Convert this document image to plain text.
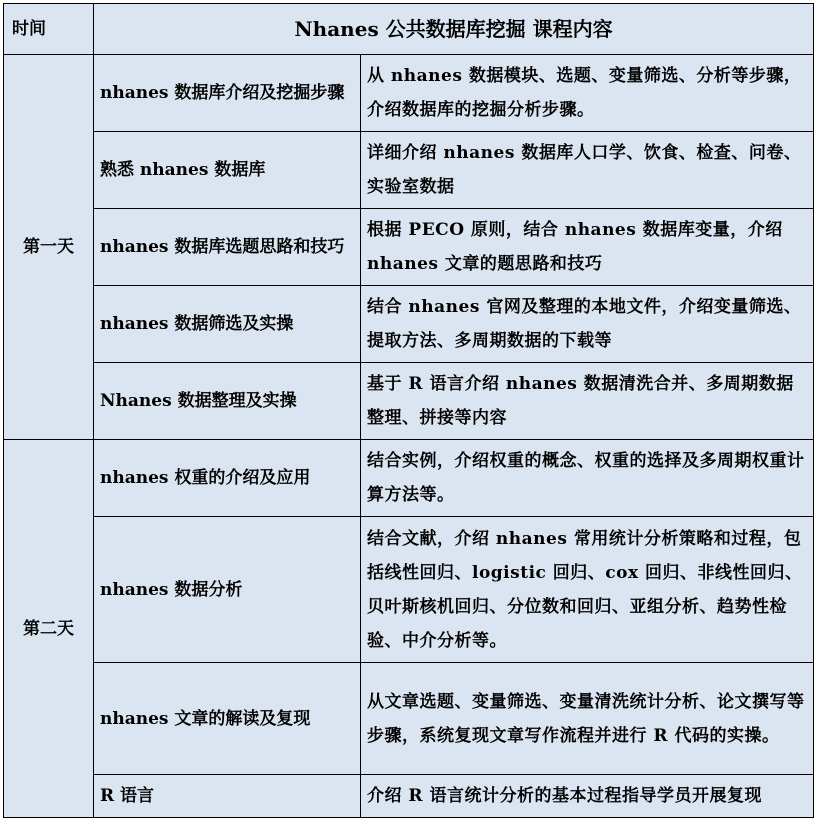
时间	Nhanes 公共数据库挖掘 课程内容	
第一天	nhanes 数据库介绍及挖掘步骤	从 nhanes 数据模块、选题、变量筛选、分析等步骤，介绍数据库的挖掘分析步骤。
	熟悉 nhanes 数据库	详细介绍 nhanes 数据库人口学、饮食、检查、问卷、实验室数据
	nhanes 数据库选题思路和技巧	根据 PECO 原则，结合 nhanes 数据库变量，介绍 nhanes 文章的题思路和技巧
	nhanes 数据筛选及实操	结合 nhanes 官网及整理的本地文件，介绍变量筛选、提取方法、多周期数据的下载等
	Nhanes 数据整理及实操	基于 R 语言介绍 nhanes 数据清洗合并、多周期数据整理、拼接等内容
第二天	nhanes 权重的介绍及应用	结合实例，介绍权重的概念、权重的选择及多周期权重计算方法等。
	nhanes 数据分析	结合文献，介绍 nhanes 常用统计分析策略和过程，包括线性回归、logistic 回归、cox 回归、非线性回归、贝叶斯核机回归、分位数和回归、亚组分析、趋势性检验、中介分析等。
	nhanes 文章的解读及复现	从文章选题、变量筛选、变量清洗统计分析、论文撰写等步骤，系统复现文章写作流程并进行 R 代码的实操。
	R 语言	介绍 R 语言统计分析的基本过程指导学员开展复现
